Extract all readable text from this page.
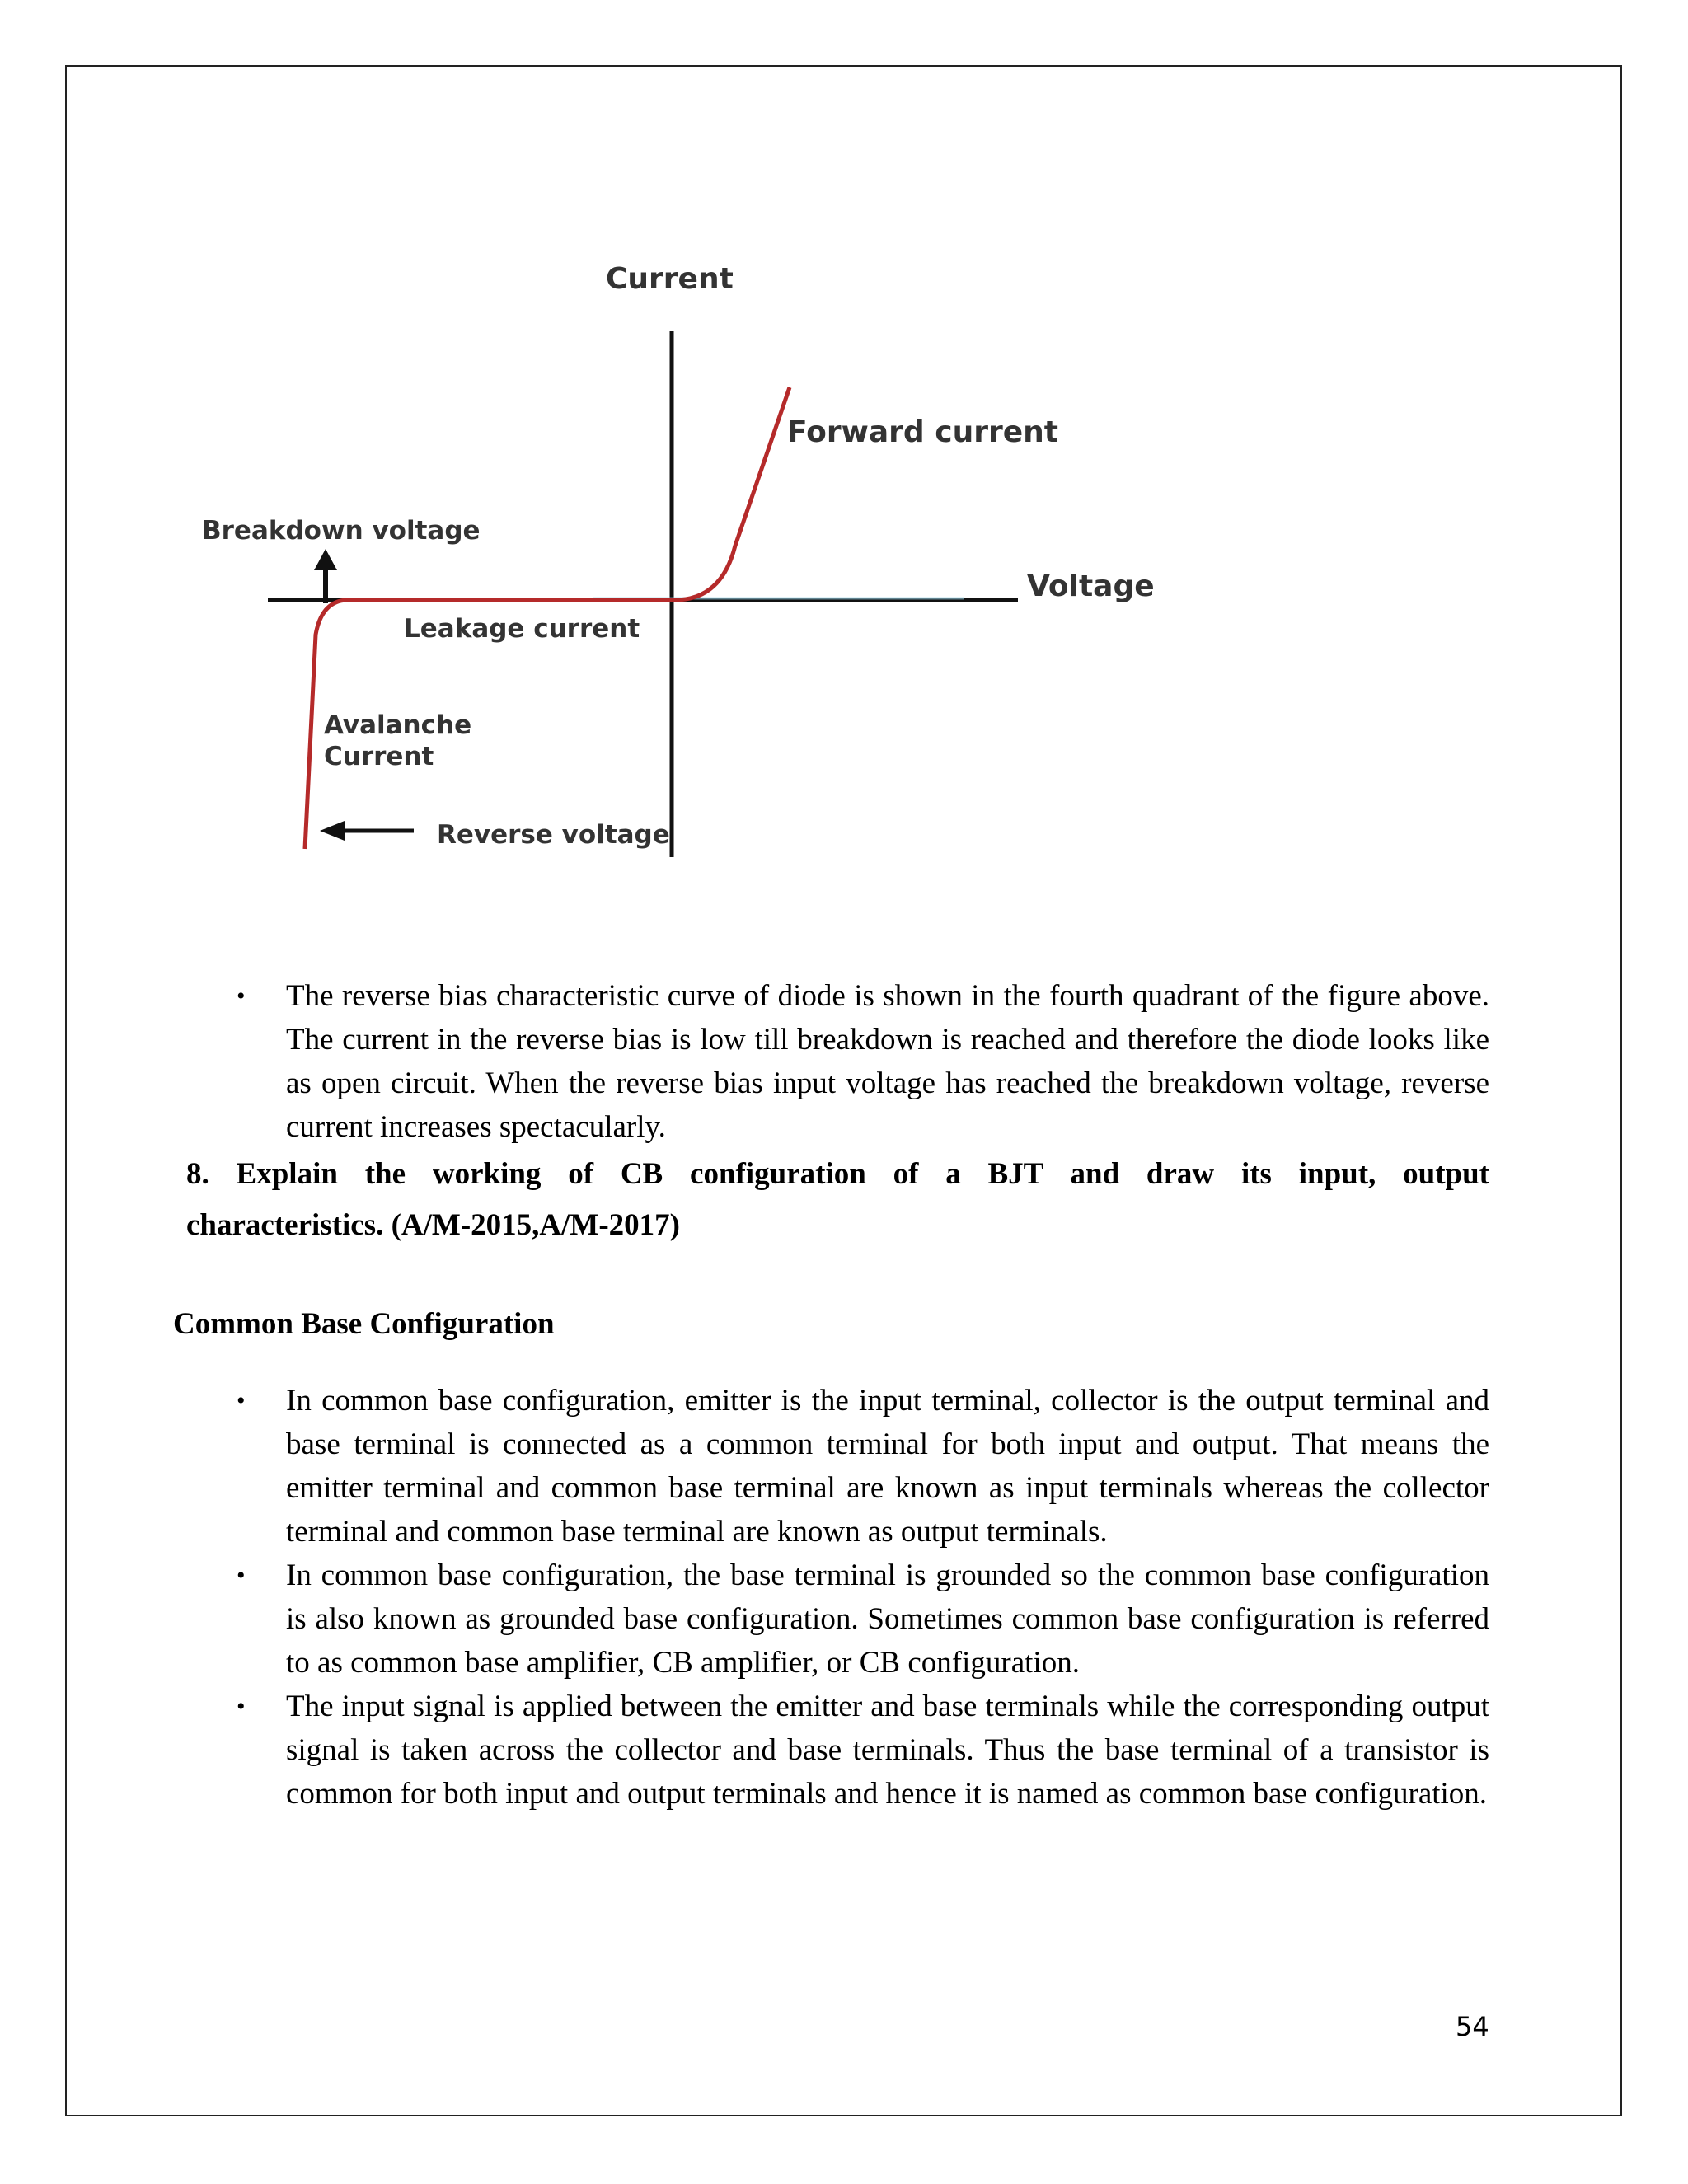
Current
Forward current
Breakdown voltage
Voltage
Leakage current
Avalanche
Current
Reverse voltage
• The reverse bias characteristic curve of diode is shown in the fourth quadrant of the figure above. The current in the reverse bias is low till breakdown is reached and therefore the diode looks like as open circuit. When the reverse bias input voltage has reached the breakdown voltage, reverse current increases spectacularly.
8. Explain the working of CB configuration of a BJT and draw its input, output
characteristics. (A/M-2015,A/M-2017)
Common Base Configuration
• In common base configuration, emitter is the input terminal, collector is the output terminal and base terminal is connected as a common terminal for both input and output. That means the emitter terminal and common base terminal are known as input terminals whereas the collector terminal and common base terminal are known as output terminals.
• In common base configuration, the base terminal is grounded so the common base configuration is also known as grounded base configuration. Sometimes common base configuration is referred to as common base amplifier, CB amplifier, or CB configuration.
• The input signal is applied between the emitter and base terminals while the corresponding output signal is taken across the collector and base terminals. Thus the base terminal of a transistor is common for both input and output terminals and hence it is named as common base configuration.
54
